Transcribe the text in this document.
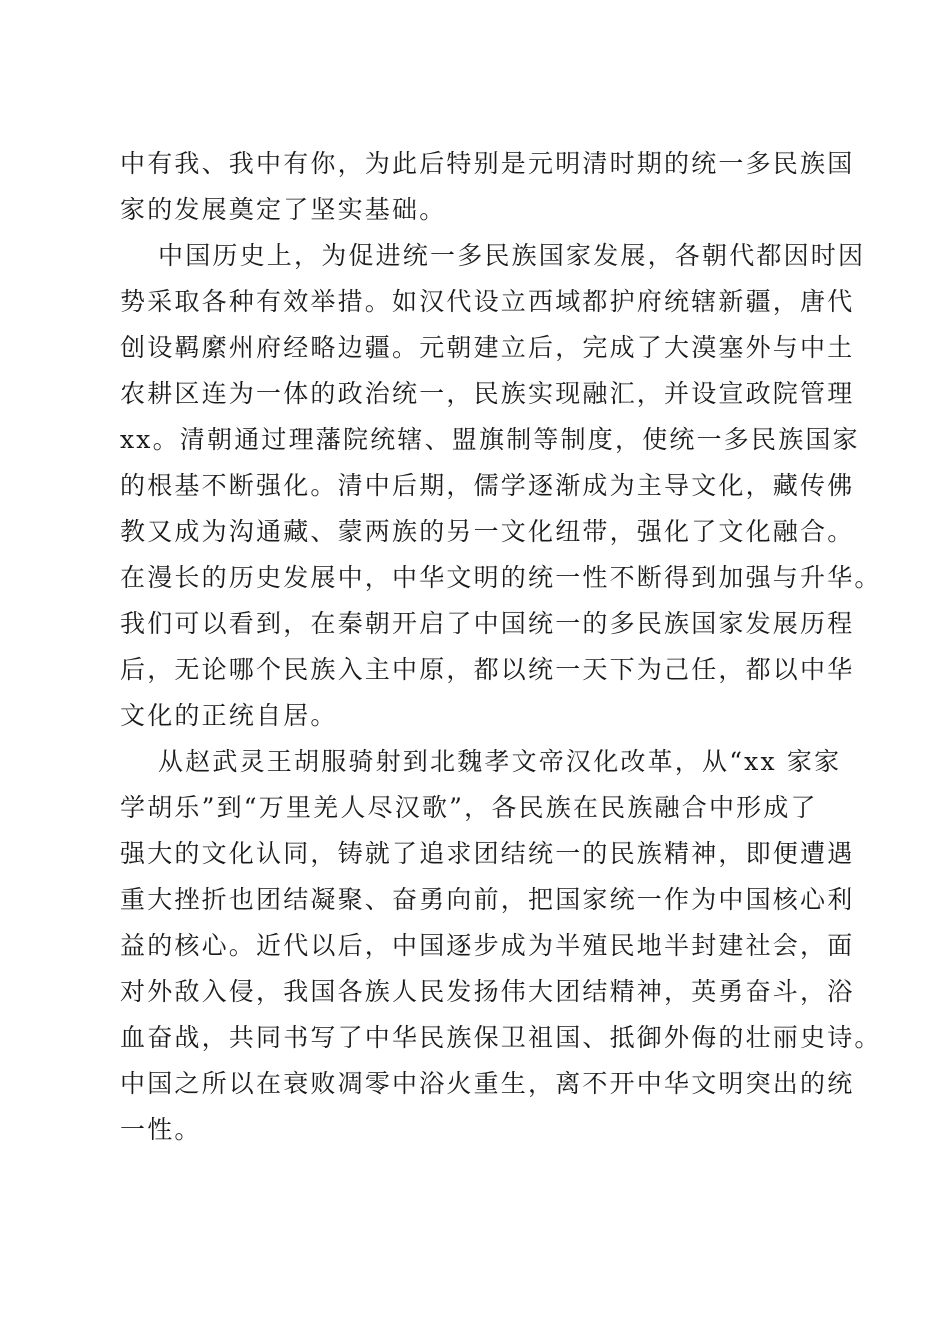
中有我、我中有你，为此后特别是元明清时期的统一多民族国
家的发展奠定了坚实基础。
中国历史上，为促进统一多民族国家发展，各朝代都因时因
势采取各种有效举措。如汉代设立西域都护府统辖新疆，唐代
创设羁縻州府经略边疆。元朝建立后，完成了大漠塞外与中土
农耕区连为一体的政治统一，民族实现融汇，并设宣政院管理
xx。清朝通过理藩院统辖、盟旗制等制度，使统一多民族国家
的根基不断强化。清中后期，儒学逐渐成为主导文化，藏传佛
教又成为沟通藏、蒙两族的另一文化纽带，强化了文化融合。
在漫长的历史发展中，中华文明的统一性不断得到加强与升华。
我们可以看到，在秦朝开启了中国统一的多民族国家发展历程
后，无论哪个民族入主中原，都以统一天下为己任，都以中华
文化的正统自居。
从赵武灵王胡服骑射到北魏孝文帝汉化改革，从“xx 家家
学胡乐”到“万里羌人尽汉歌”，各民族在民族融合中形成了
强大的文化认同，铸就了追求团结统一的民族精神，即便遭遇
重大挫折也团结凝聚、奋勇向前，把国家统一作为中国核心利
益的核心。近代以后，中国逐步成为半殖民地半封建社会，面
对外敌入侵，我国各族人民发扬伟大团结精神，英勇奋斗，浴
血奋战，共同书写了中华民族保卫祖国、抵御外侮的壮丽史诗。
中国之所以在衰败凋零中浴火重生，离不开中华文明突出的统
一性。
